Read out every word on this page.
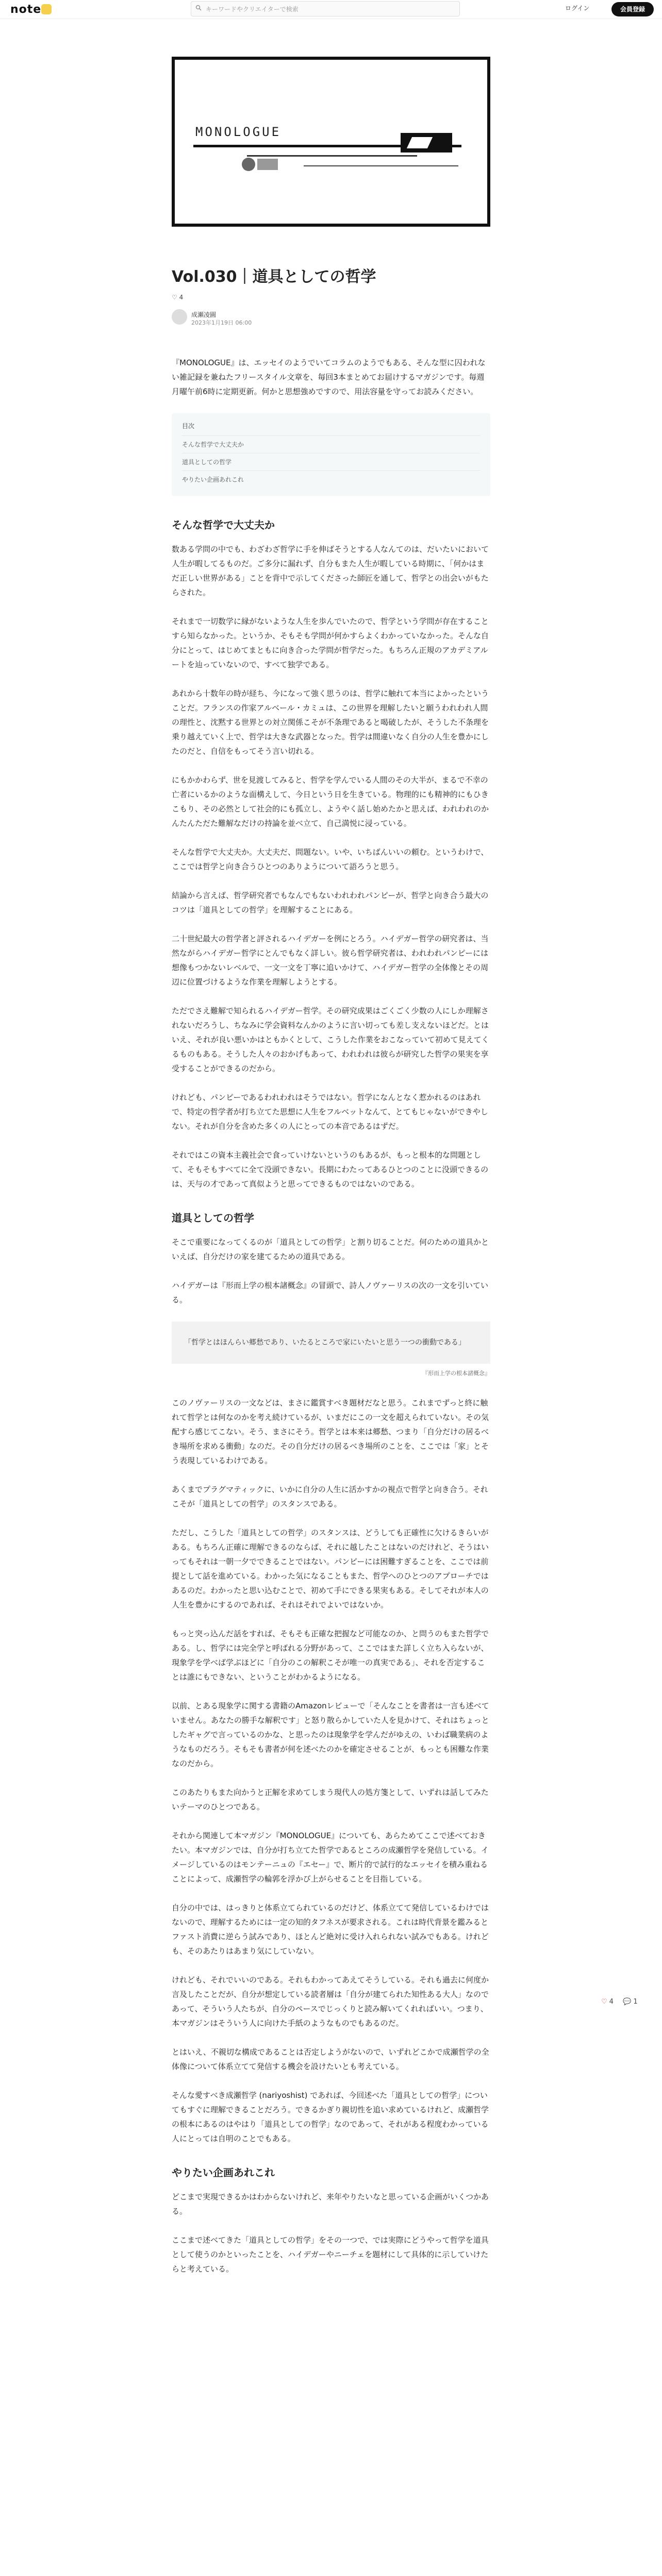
note	キーワードやクリエイターで検索	ログイン	会員登録
MONOLOGUE
Vol.030｜道具としての哲学
♡ 4
成瀬凌圓
2023年1月19日 06:00

『MONOLOGUE』は、エッセイのようでいてコラムのようでもある、そんな型に囚われない雑記録を兼ねたフリースタイル文章を、毎回3本まとめてお届けするマガジンです。毎週月曜午前6時に定期更新。何かと思想強めですので、用法容量を守ってお読みください。

目次
そんな哲学で大丈夫か
道具としての哲学
やりたい企画あれこれ
そんな哲学で大丈夫か

数ある学問の中でも、わざわざ哲学に手を伸ばそうとする人なんてのは、だいたいにおいて人生が暇してるものだ。ご多分に漏れず、自分もまた人生が暇している時期に、「何かはまだ正しい世界がある」ことを背中で示してくださった師匠を通して、哲学との出会いがもたらされた。

それまで一切数学に縁がないような人生を歩んでいたので、哲学という学問が存在することすら知らなかった。というか、そもそも学問が何かすらよくわかっていなかった。そんな自分にとって、はじめてまともに向き合った学問が哲学だった。もちろん正規のアカデミアルートを辿っていないので、すべて独学である。

あれから十数年の時が経ち、今になって強く思うのは、哲学に触れて本当によかったということだ。フランスの作家アルベール・カミュは、この世界を理解したいと願うわれわれ人間の理性と、沈黙する世界との対立関係こそが不条理であると喝破したが、そうした不条理を乗り越えていく上で、哲学は大きな武器となった。哲学は間違いなく自分の人生を豊かにしたのだと、自信をもってそう言い切れる。

にもかかわらず、世を見渡してみると、哲学を学んでいる人間のその大半が、まるで不幸の亡者にいるかのような面構えして、今日という日を生きている。物理的にも精神的にもひきこもり、その必然として社会的にも孤立し、ようやく話し始めたかと思えば、われわれのかんたんただた難解なだけの持論を並べ立て、自己満悦に浸っている。

そんな哲学で大丈夫か。大丈夫だ、問題ない。いや、いちばんいいの頼む。というわけで、ここでは哲学と向き合うひとつのありようについて語ろうと思う。

結論から言えば、哲学研究者でもなんでもないわれわれパンピーが、哲学と向き合う最大のコツは「道具としての哲学」を理解することにある。

二十世紀最大の哲学者と評されるハイデガーを例にとろう。ハイデガー哲学の研究者は、当然ながらハイデガー哲学にとんでもなく詳しい。彼ら哲学研究者は、われわれパンピーには想像もつかないレベルで、一文一文を丁寧に追いかけて、ハイデガー哲学の全体像とその周辺に位置づけるような作業を理解しようとする。

ただでさえ難解で知られるハイデガー哲学。その研究成果はごくごく少数の人にしか理解されないだろうし、ちなみに学会資料なんかのように言い切っても差し支えないほどだ。とはいえ、それが良い悪いかはともかくとして、こうした作業をおこなっていて初めて見えてくるものもある。そうした人々のおかげもあって、われわれは彼らが研究した哲学の果実を享受することができるのだから。

けれども、パンピーであるわれわれはそうではない。哲学になんとなく惹かれるのはあれで、特定の哲学者が打ち立てた思想に人生をフルベットなんて、とてもじゃないができやしない。それが自分を含めた多くの人にとっての本音であるはずだ。

それではこの資本主義社会で食っていけないというのもあるが、もっと根本的な問題として、そもそもすべてに全て没頭できない。長期にわたってあるひとつのことに没頭できるのは、天与の才であって真似ようと思ってできるものではないのである。

道具としての哲学

そこで重要になってくるのが「道具としての哲学」と割り切ることだ。何のための道具かといえば、自分だけの家を建てるための道具である。

ハイデガーは『形而上学の根本諸概念』の冒頭で、詩人ノヴァーリスの次の一文を引いている。

「哲学とはほんらい郷愁であり、いたるところで家にいたいと思う一つの衝動である」
『形而上学の根本諸概念』

このノヴァーリスの一文などは、まさに鑑賞すべき題材だなと思う。これまでずっと終に触れて哲学とは何なのかを考え続けているが、いまだにこの一文を超えられていない。その気配すら感じてこない。そう、まさにそう。哲学とは本来は郷愁、つまり「自分だけの居るべき場所を求める衝動」なのだ。その自分だけの居るべき場所のことを、ここでは「家」とそう表現しているわけである。

あくまでプラグマティックに、いかに自分の人生に活かすかの視点で哲学と向き合う。それこそが「道具としての哲学」のスタンスである。

ただし、こうした「道具としての哲学」のスタンスは、どうしても正確性に欠けるきらいがある。もちろん正確に理解できるのならば、それに越したことはないのだけれど、そうはいってもそれは一朝一夕でできることではない。パンピーには困難すぎることを、ここでは前提として話を進めている。わかった気になることもまた、哲学へのひとつのアプローチではあるのだ。わかったと思い込むことで、初めて手にできる果実もある。そしてそれが本人の人生を豊かにするのであれば、それはそれでよいではないか。

もっと突っ込んだ話をすれば、そもそも正確な把握など可能なのか、と問うのもまた哲学である。し、哲学には完全学と呼ばれる分野があって、ここではまた詳しく立ち入らないが、現象学を学べば学ぶほどに「自分のこの解釈こそが唯一の真実である」、それを否定することは誰にもできない、ということがわかるようになる。

以前、とある現象学に関する書籍のAmazonレビューで「そんなことを書者は一言も述べていません。あなたの勝手な解釈です」と怒り散らかしていた人を見かけて、それはちょっとしたギャグで言っているのかな、と思ったのは現象学を学んだがゆえの、いわば職業病のようなものだろう。そもそも書者が何を述べたのかを確定させることが、もっとも困難な作業なのだから。

このあたりもまた向かうと正解を求めてしまう現代人の処方箋として、いずれは話してみたいテーマのひとつである。

それから関連して本マガジン『MONOLOGUE』についても、あらためてここで述べておきたい。本マガジンでは、自分が打ち立てた哲学であるところの成瀬哲学を発信している。イメージしているのはモンテーニュの『エセー』で、断片的で試行的なエッセイを積み重ねることによって、成瀬哲学の輪郭を浮かび上がらせることを目指している。

自分の中では、はっきりと体系立てられているのだけど、体系立てて発信しているわけではないので、理解するためには一定の知的タフネスが要求される。これは時代背景を鑑みるとファスト消費に逆らう試みであり、ほとんど絶対に受け入れられない試みでもある。けれども、そのあたりはあまり気にしていない。

けれども、それでいいのである。それもわかってあえてそうしている。それも過去に何度か言及したことだが、自分が想定している読者層は「自分が建てられた知性ある大人」なのであって、そういう人たちが、自分のペースでじっくりと読み解いてくれればいい。つまり、本マガジンはそういう人に向けた手紙のようなものでもあるのだ。

とはいえ、不親切な構成であることは否定しようがないので、いずれどこかで成瀬哲学の全体像について体系立てて発信する機会を設けたいとも考えている。

そんな愛すべき成瀬哲学 (nariyoshist) であれば、今回述べた「道具としての哲学」についてもすぐに理解できることだろう。できるかぎり親切性を追い求めているけれど、成瀬哲学の根本にあるのはやはり「道具としての哲学」なのであって、それがある程度わかっている人にとっては自明のことでもある。

やりたい企画あれこれ

どこまで実現できるかはわからないけれど、来年やりたいなと思っている企画がいくつかある。

ここまで述べてきた「道具としての哲学」をその一つで、では実際にどうやって哲学を道具として使うのかといったことを、ハイデガーやニーチェを題材にして具体的に示していけたらと考えている。

♡ 4 💬 1
